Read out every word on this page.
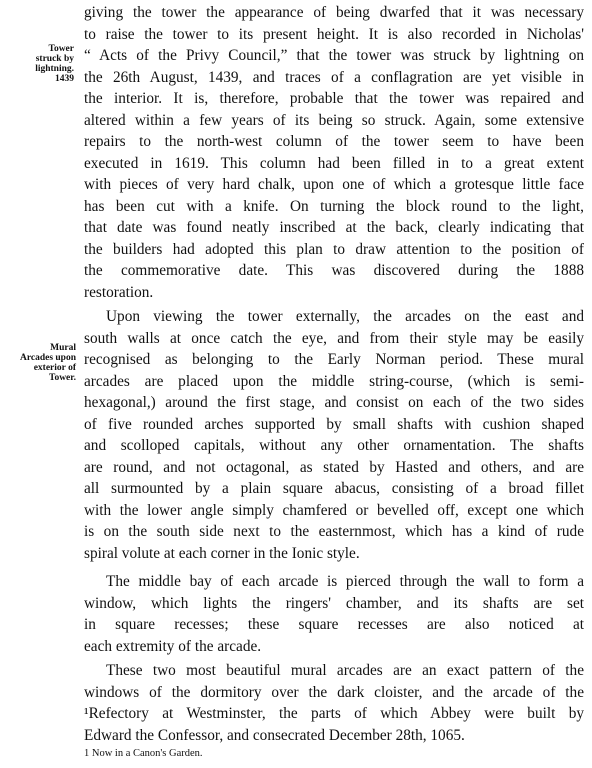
Tower
struck by
lightning.
1439
Mural
Arcades upon
exterior of
Tower.
giving the tower the appearance of being dwarfed that it was necessary
to raise the tower to its present height. It is also recorded in Nicholas'
“ Acts of the Privy Council,” that the tower was struck by lightning on
the 26th August, 1439, and traces of a conflagration are yet visible in
the interior. It is, therefore, probable that the tower was repaired and
altered within a few years of its being so struck. Again, some extensive
repairs to the north-west column of the tower seem to have been
executed in 1619. This column had been filled in to a great extent
with pieces of very hard chalk, upon one of which a grotesque little face
has been cut with a knife. On turning the block round to the light,
that date was found neatly inscribed at the back, clearly indicating that
the builders had adopted this plan to draw attention to the position of
the commemorative date. This was discovered during the 1888
restoration.
Upon viewing the tower externally, the arcades on the east and
south walls at once catch the eye, and from their style may be easily
recognised as belonging to the Early Norman period. These mural
arcades are placed upon the middle string-course, (which is semi-
hexagonal,) around the first stage, and consist on each of the two sides
of five rounded arches supported by small shafts with cushion shaped
and scolloped capitals, without any other ornamentation. The shafts
are round, and not octagonal, as stated by Hasted and others, and are
all surmounted by a plain square abacus, consisting of a broad fillet
with the lower angle simply chamfered or bevelled off, except one which
is on the south side next to the easternmost, which has a kind of rude
spiral volute at each corner in the Ionic style.
The middle bay of each arcade is pierced through the wall to form a
window, which lights the ringers' chamber, and its shafts are set
in square recesses; these square recesses are also noticed at
each extremity of the arcade.
These two most beautiful mural arcades are an exact pattern of the
windows of the dormitory over the dark cloister, and the arcade of the
¹Refectory at Westminster, the parts of which Abbey were built by
Edward the Confessor, and consecrated December 28th, 1065.
1 Now in a Canon's Garden.
